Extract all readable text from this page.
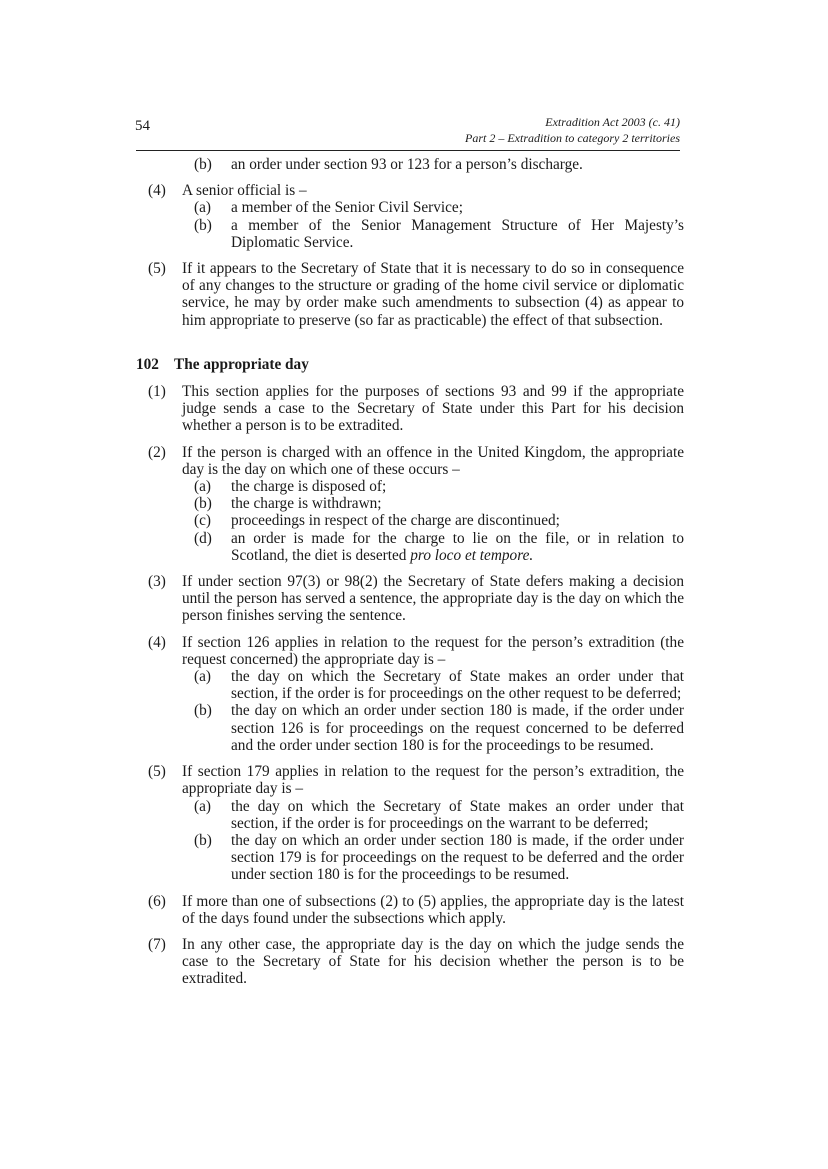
54	Extradition Act 2003 (c. 41)
Part 2 – Extradition to category 2 territories
(b) an order under section 93 or 123 for a person’s discharge.
(4) A senior official is –
(a) a member of the Senior Civil Service;
(b) a member of the Senior Management Structure of Her Majesty’s Diplomatic Service.
(5) If it appears to the Secretary of State that it is necessary to do so in consequence of any changes to the structure or grading of the home civil service or diplomatic service, he may by order make such amendments to subsection (4) as appear to him appropriate to preserve (so far as practicable) the effect of that subsection.
102 The appropriate day
(1) This section applies for the purposes of sections 93 and 99 if the appropriate judge sends a case to the Secretary of State under this Part for his decision whether a person is to be extradited.
(2) If the person is charged with an offence in the United Kingdom, the appropriate day is the day on which one of these occurs –
(a) the charge is disposed of;
(b) the charge is withdrawn;
(c) proceedings in respect of the charge are discontinued;
(d) an order is made for the charge to lie on the file, or in relation to Scotland, the diet is deserted pro loco et tempore.
(3) If under section 97(3) or 98(2) the Secretary of State defers making a decision until the person has served a sentence, the appropriate day is the day on which the person finishes serving the sentence.
(4) If section 126 applies in relation to the request for the person’s extradition (the request concerned) the appropriate day is –
(a) the day on which the Secretary of State makes an order under that section, if the order is for proceedings on the other request to be deferred;
(b) the day on which an order under section 180 is made, if the order under section 126 is for proceedings on the request concerned to be deferred and the order under section 180 is for the proceedings to be resumed.
(5) If section 179 applies in relation to the request for the person’s extradition, the appropriate day is –
(a) the day on which the Secretary of State makes an order under that section, if the order is for proceedings on the warrant to be deferred;
(b) the day on which an order under section 180 is made, if the order under section 179 is for proceedings on the request to be deferred and the order under section 180 is for the proceedings to be resumed.
(6) If more than one of subsections (2) to (5) applies, the appropriate day is the latest of the days found under the subsections which apply.
(7) In any other case, the appropriate day is the day on which the judge sends the case to the Secretary of State for his decision whether the person is to be extradited.
